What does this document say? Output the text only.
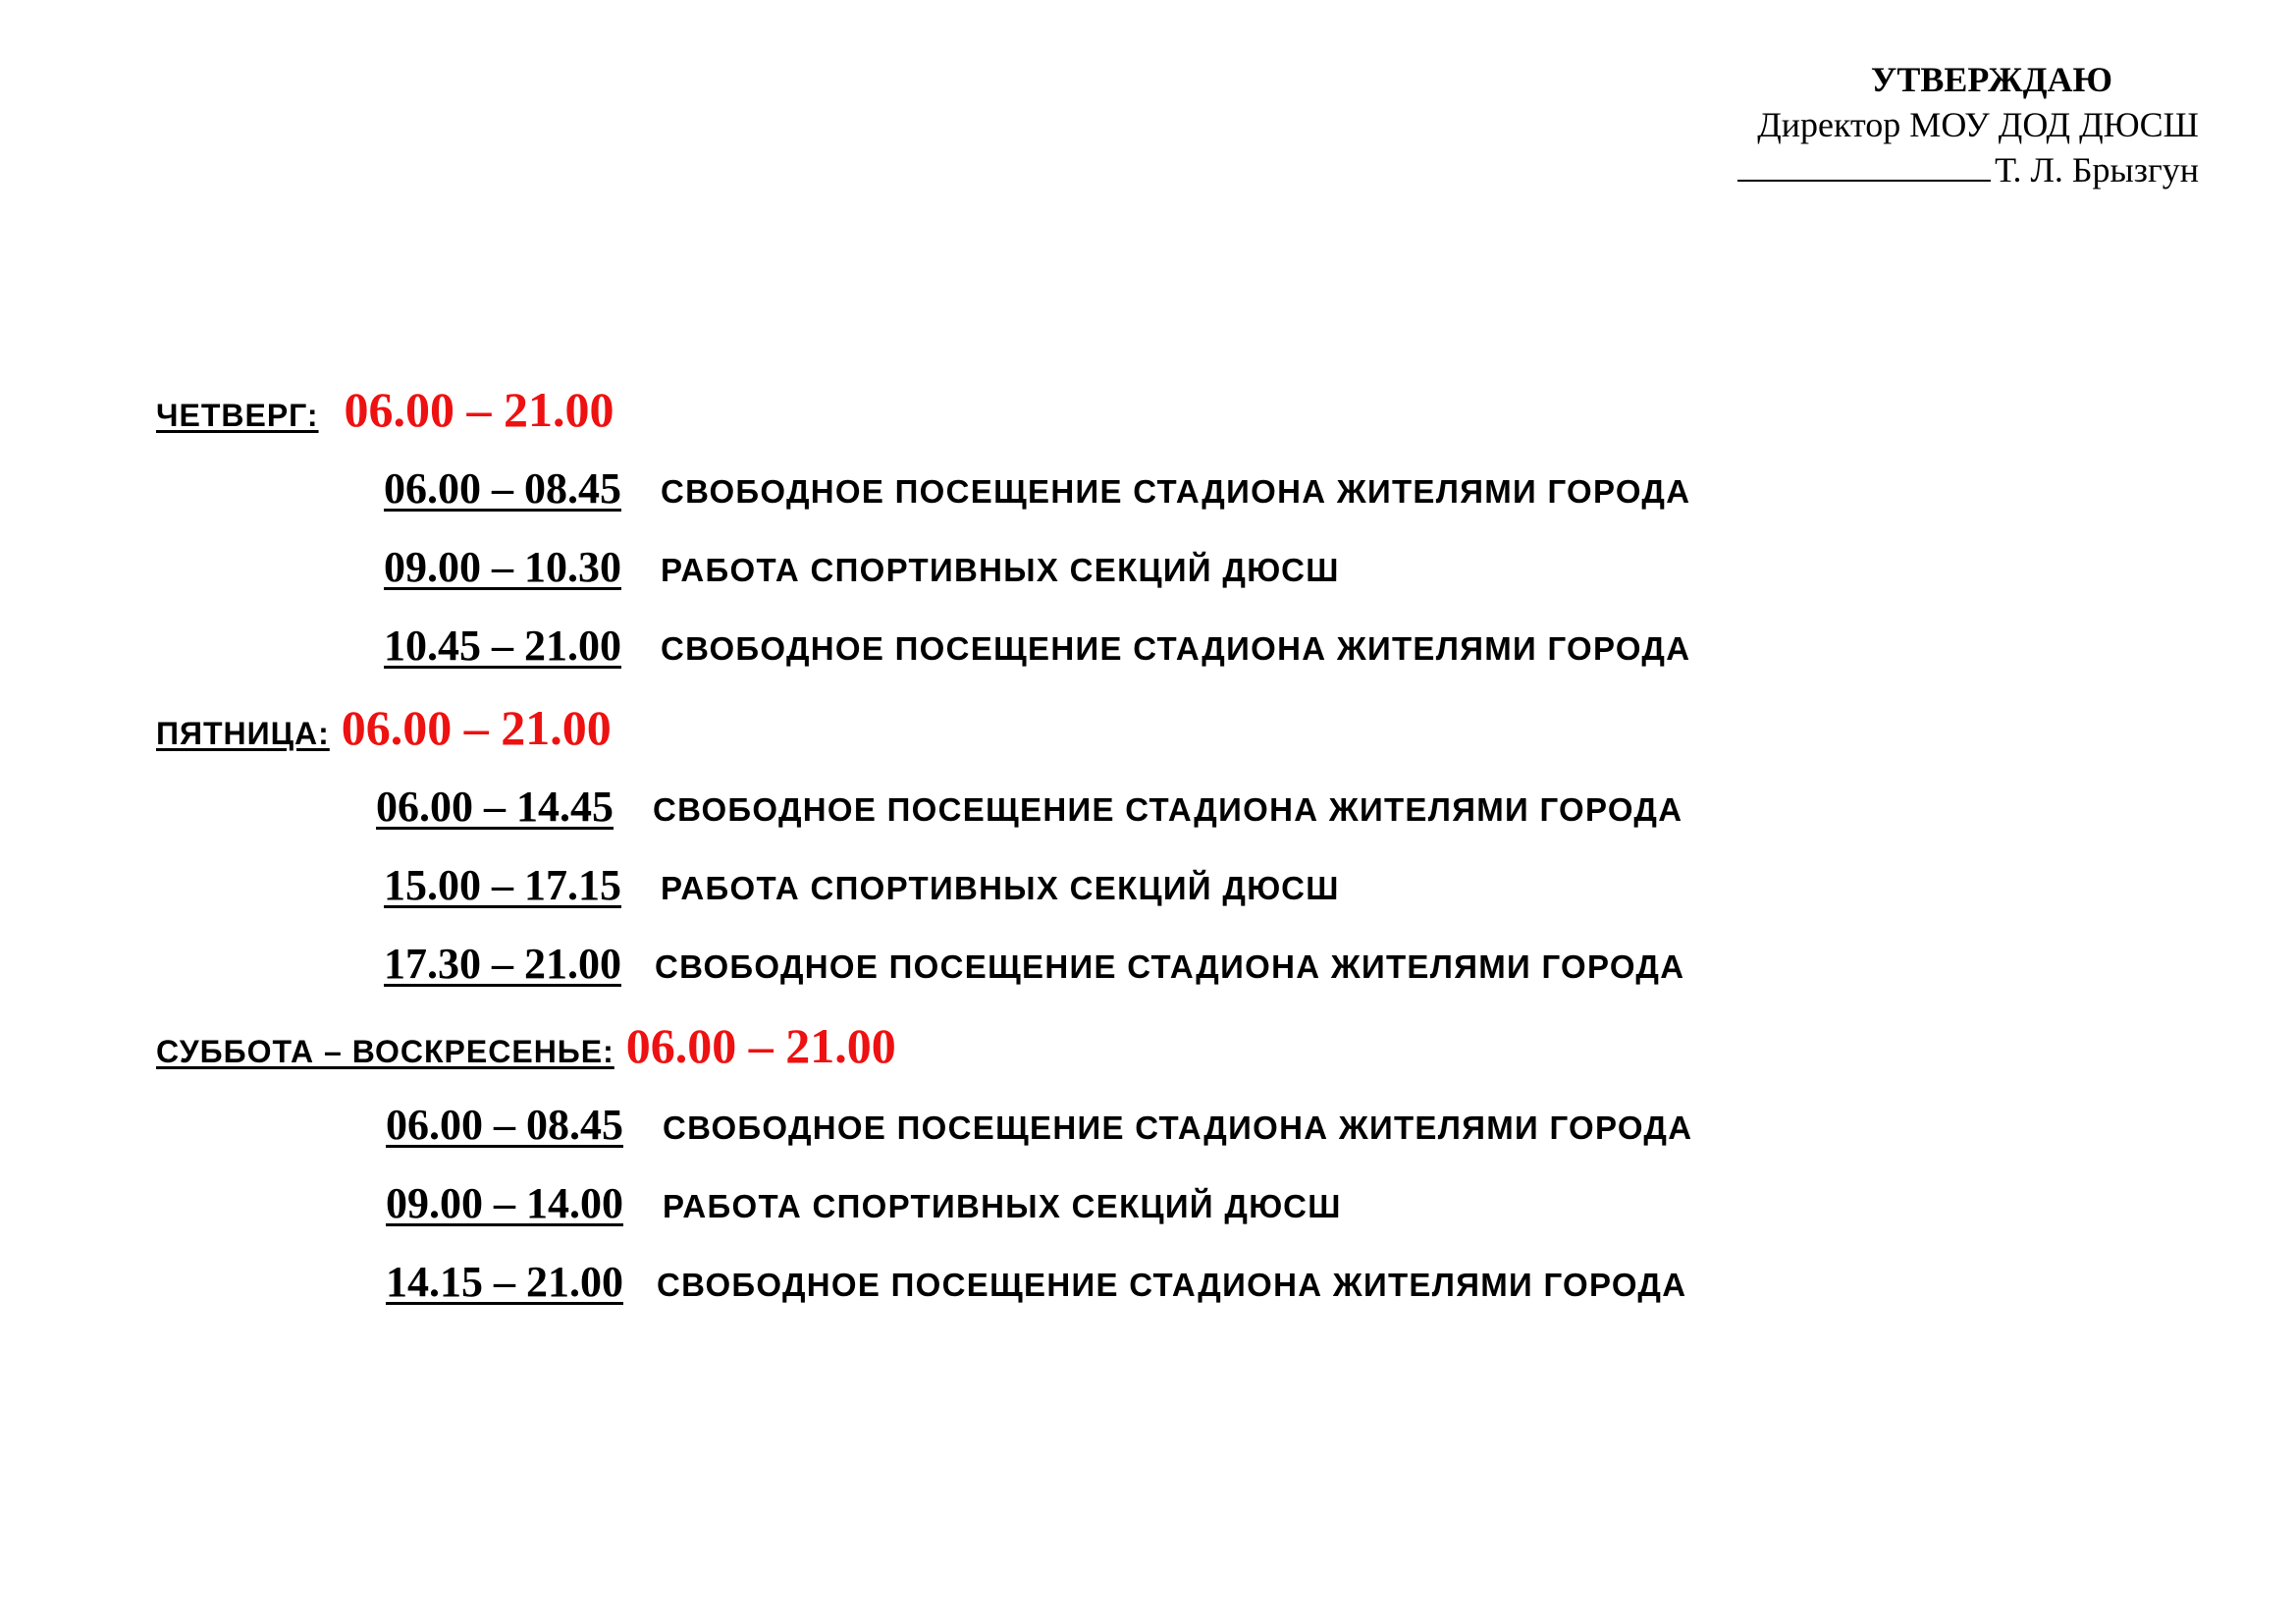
УТВЕРЖДАЮ
Директор МОУ ДОД ДЮСШ
Т. Л. Брызгун
ЧЕТВЕРГ: 06.00 – 21.00
06.00 – 08.45 СВОБОДНОЕ ПОСЕЩЕНИЕ СТАДИОНА ЖИТЕЛЯМИ ГОРОДА
09.00 – 10.30 РАБОТА СПОРТИВНЫХ СЕКЦИЙ ДЮСШ
10.45 – 21.00 СВОБОДНОЕ ПОСЕЩЕНИЕ СТАДИОНА ЖИТЕЛЯМИ ГОРОДА
ПЯТНИЦА: 06.00 – 21.00
06.00 – 14.45 СВОБОДНОЕ ПОСЕЩЕНИЕ СТАДИОНА ЖИТЕЛЯМИ ГОРОДА
15.00 – 17.15 РАБОТА СПОРТИВНЫХ СЕКЦИЙ ДЮСШ
17.30 – 21.00 СВОБОДНОЕ ПОСЕЩЕНИЕ СТАДИОНА ЖИТЕЛЯМИ ГОРОДА
СУББОТА – ВОСКРЕСЕНЬЕ: 06.00 – 21.00
06.00 – 08.45 СВОБОДНОЕ ПОСЕЩЕНИЕ СТАДИОНА ЖИТЕЛЯМИ ГОРОДА
09.00 – 14.00 РАБОТА СПОРТИВНЫХ СЕКЦИЙ ДЮСШ
14.15 – 21.00 СВОБОДНОЕ ПОСЕЩЕНИЕ СТАДИОНА ЖИТЕЛЯМИ ГОРОДА
